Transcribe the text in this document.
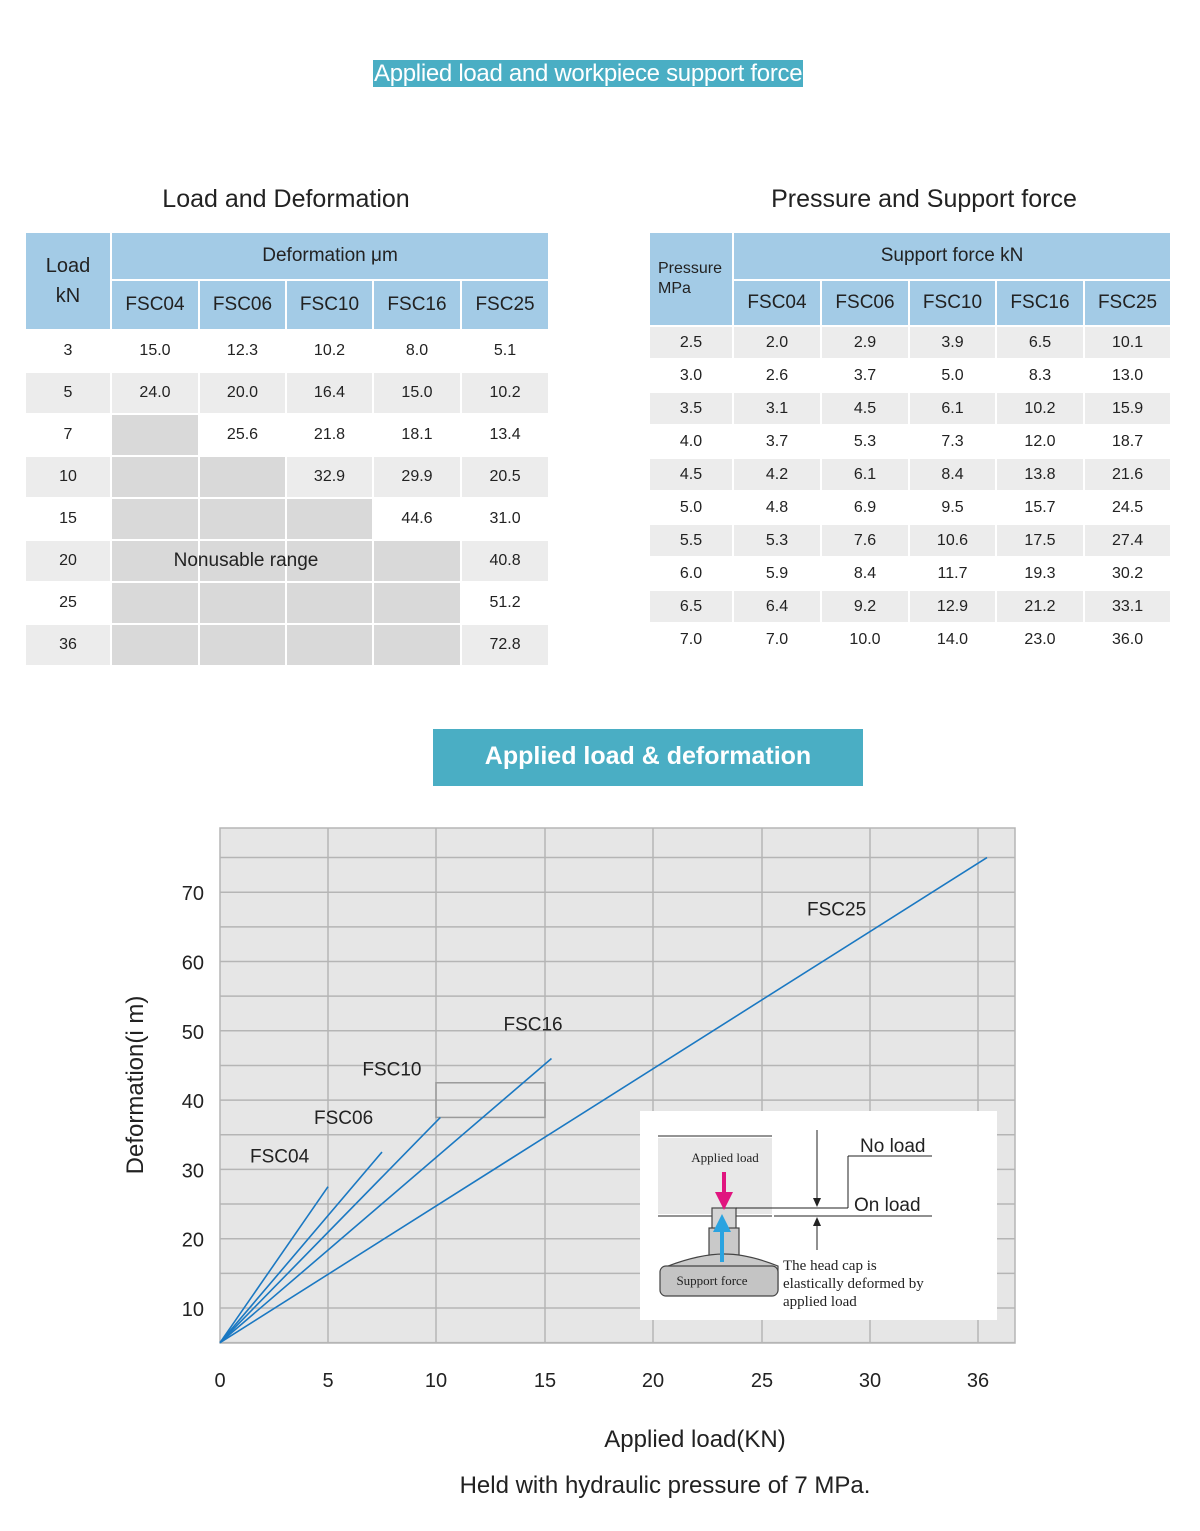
Applied load and workpiece support force
Load and Deformation
Load
kN	Deformation μm				
	FSC04	FSC06	FSC10	FSC16	FSC25
3	15.0	12.3	10.2	8.0	5.1
5	24.0	20.0	16.4	15.0	10.2
7		25.6	21.8	18.1	13.4
10			32.9	29.9	20.5
15				44.6	31.0
20					40.8
25					51.2
36					72.8
Nonusable range
Pressure and Support force
Pressure
MPa	Support force kN				
	FSC04	FSC06	FSC10	FSC16	FSC25
2.5	2.0	2.9	3.9	6.5	10.1
3.0	2.6	3.7	5.0	8.3	13.0
3.5	3.1	4.5	6.1	10.2	15.9
4.0	3.7	5.3	7.3	12.0	18.7
4.5	4.2	6.1	8.4	13.8	21.6
5.0	4.8	6.9	9.5	15.7	24.5
5.5	5.3	7.6	10.6	17.5	27.4
6.0	5.9	8.4	11.7	19.3	30.2
6.5	6.4	9.2	12.9	21.2	33.1
7.0	7.0	10.0	14.0	23.0	36.0
Applied load & deformation
FSC04
FSC06
FSC10
FSC16
FSC25
0	5	10	15	20	25	30	36
10
20
30
40
50
60
70
Applied load
Support force
No load
On load
The head cap is
elastically deformed by
applied load
Deformation(i m)
Applied load(KN)
Held with hydraulic pressure of 7 MPa.
